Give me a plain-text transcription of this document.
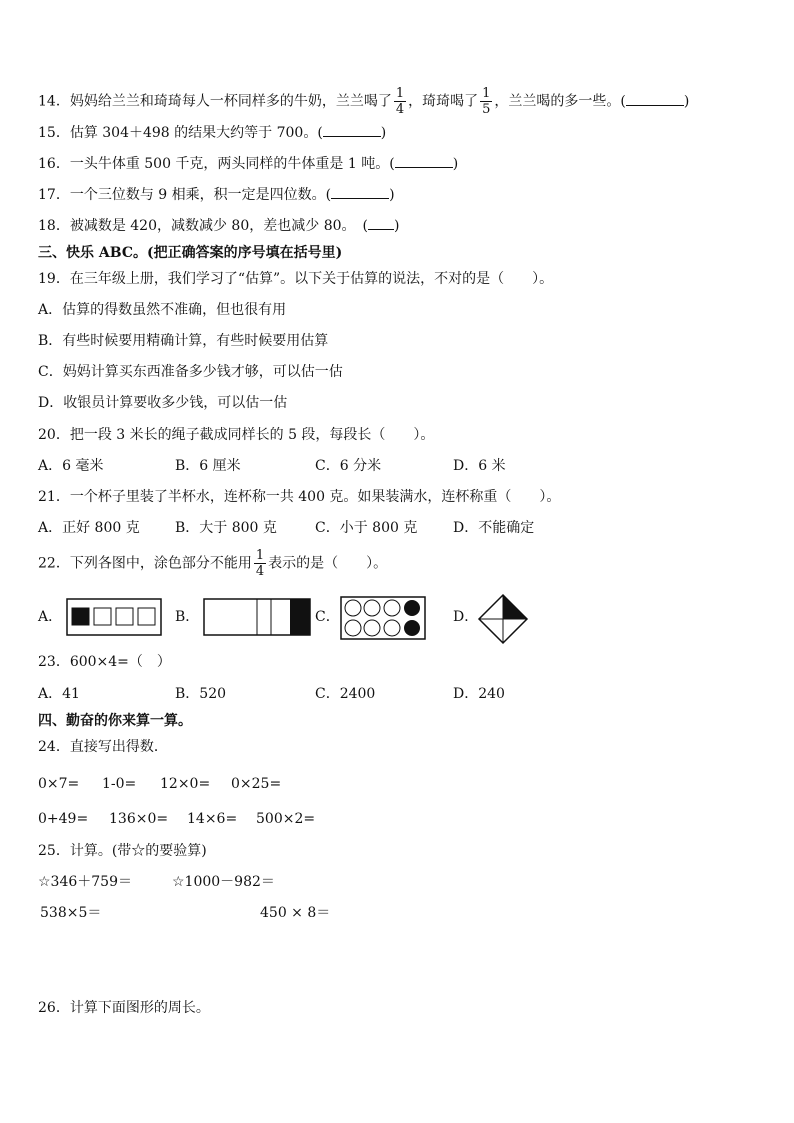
14．妈妈给兰兰和琦琦每人一杯同样多的牛奶，兰兰喝了 $\frac{1}{4}$ ，琦琦喝了 $\frac{1}{5}$ ，兰兰喝的多一些。(	)
15．估算 304＋498 的结果大约等于 700。(	)
16．一头牛体重 500 千克，两头同样的牛体重是 1 吨。(	)
17．一个三位数与 9 相乘，积一定是四位数。(	)
18．被减数是 420，减数减少 80，差也减少 80。　( )
三、快乐 ABC。(把正确答案的序号填在括号里)
19．在三年级上册，我们学习了“估算”。以下关于估算的说法，不对的是（　　）。
A．估算的得数虽然不准确，但也很有用
B．有些时候要用精确计算，有些时候要用估算
C．妈妈计算买东西准备多少钱才够，可以估一估
D．收银员计算要收多少钱，可以估一估
20．把一段 3 米长的绳子截成同样长的 5 段，每段长（　　）。
A．6 毫米	B．6 厘米	C．6 分米	D．6 米
21．一个杯子里装了半杯水，连杯称一共 400 克。如果装满水，连杯称重（　　）。
A．正好 800 克	B．大于 800 克	C．小于 800 克	D．不能确定
22．下列各图中，涂色部分不能用 $\frac{1}{4}$ 表示的是（　　）。
A．	B．	C．	D．
23．600×4=（　）
A．41	B．520	C．2400	D．240
四、勤奋的你来算一算。
24．直接写出得数．
0×7= 1-0= 12×0= 0×25=
0+49= 136×0= 14×6= 500×2=
25．计算。(带☆的要验算)
☆346＋759＝	☆1000－982＝
538×5＝	450 × 8＝
26．计算下面图形的周长。
